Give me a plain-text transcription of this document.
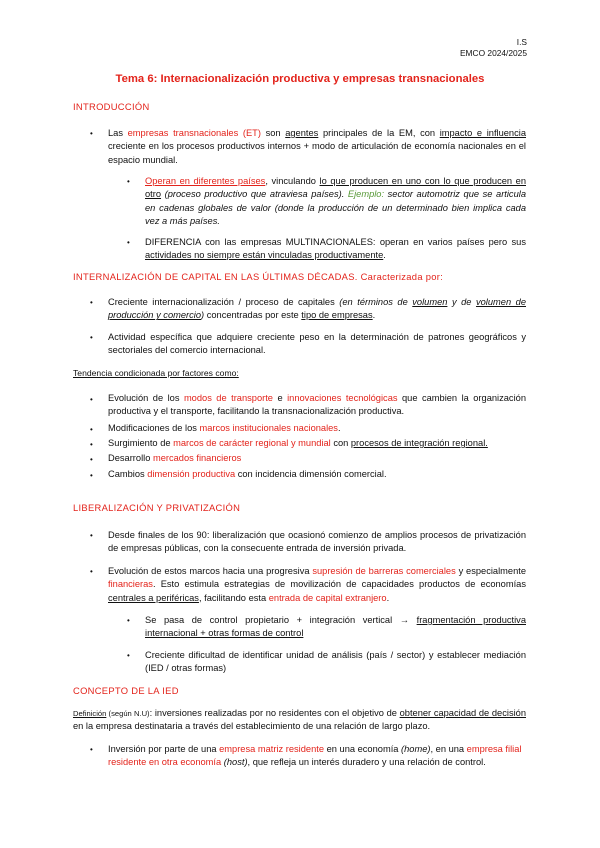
I.S
EMCO 2024/2025
Tema 6: Internacionalización productiva y empresas transnacionales
INTRODUCCIÓN
• Las empresas transnacionales (ET) son agentes principales de la EM, con impacto e influencia creciente en los procesos productivos internos + modo de articulación de economía nacionales en el espacio mundial.
• Operan en diferentes países, vinculando lo que producen en uno con lo que producen en otro (proceso productivo que atraviesa países). Ejemplo: sector automotriz que se articula en cadenas globales de valor (donde la producción de un determinado bien implica cada vez a más países.
• DIFERENCIA con las empresas MULTINACIONALES: operan en varios países pero sus actividades no siempre están vinculadas productivamente.
INTERNALIZACIÓN DE CAPITAL EN LAS ÚLTIMAS DÉCADAS. Caracterizada por:
• Creciente internacionalización / proceso de capitales (en términos de volumen y de volumen de producción y comercio) concentradas por este tipo de empresas.
• Actividad específica que adquiere creciente peso en la determinación de patrones geográficos y sectoriales del comercio internacional.
Tendencia condicionada por factores como:
• Evolución de los modos de transporte e innovaciones tecnológicas que cambien la organización productiva y el transporte, facilitando la transnacionalización productiva.
• Modificaciones de los marcos institucionales nacionales.
• Surgimiento de marcos de carácter regional y mundial con procesos de integración regional.
• Desarrollo mercados financieros
• Cambios dimensión productiva con incidencia dimensión comercial.
LIBERALIZACIÓN Y PRIVATIZACIÓN
• Desde finales de los 90: liberalización que ocasionó comienzo de amplios procesos de privatización de empresas públicas, con la consecuente entrada de inversión privada.
• Evolución de estos marcos hacia una progresiva supresión de barreras comerciales y especialmente financieras. Esto estimula estrategias de movilización de capacidades productos de economías centrales a periféricas, facilitando esta entrada de capital extranjero.
• Se pasa de control propietario + integración vertical → fragmentación productiva internacional + otras formas de control
• Creciente dificultad de identificar unidad de análisis (país / sector) y establecer mediación (IED / otras formas)
CONCEPTO DE LA IED
Definición (según N.U): inversiones realizadas por no residentes con el objetivo de obtener capacidad de decisión en la empresa destinataria a través del establecimiento de una relación de largo plazo.
• Inversión por parte de una empresa matriz residente en una economía (home), en una empresa filial residente en otra economía (host), que refleja un interés duradero y una relación de control.
